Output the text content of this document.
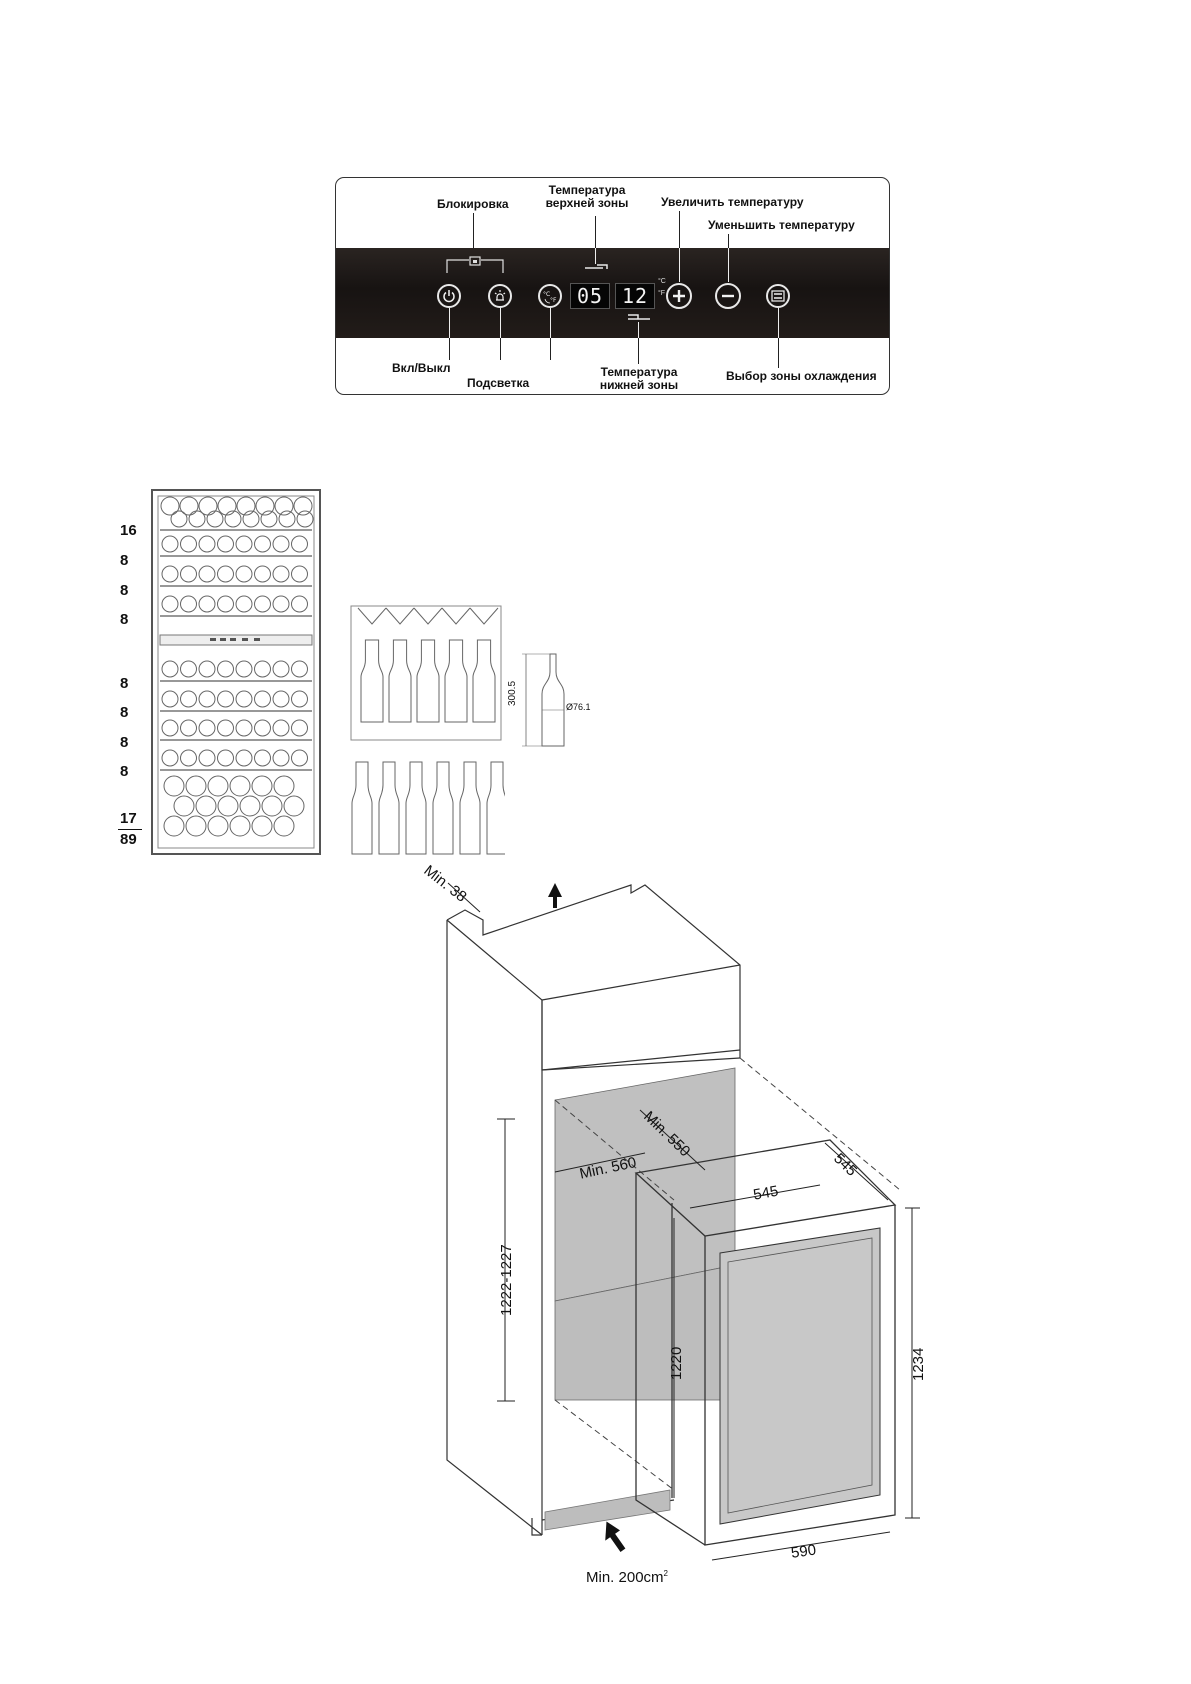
Блокировка
Температура
верхней зоны	Увеличить температуру
Уменьшить температуру
Вкл/Выкл
Подсветка
Температура
нижней зоны
Выбор зоны охлаждения
°C
°F	05 12
°C
°F
16
8
8
8
8
8
8
8
17
89
300.5
Ø76.1
Min. 38
1222-1227
Min. 560
Min. 550
545
545
1220	1234
590
Min. $200cm^2$
